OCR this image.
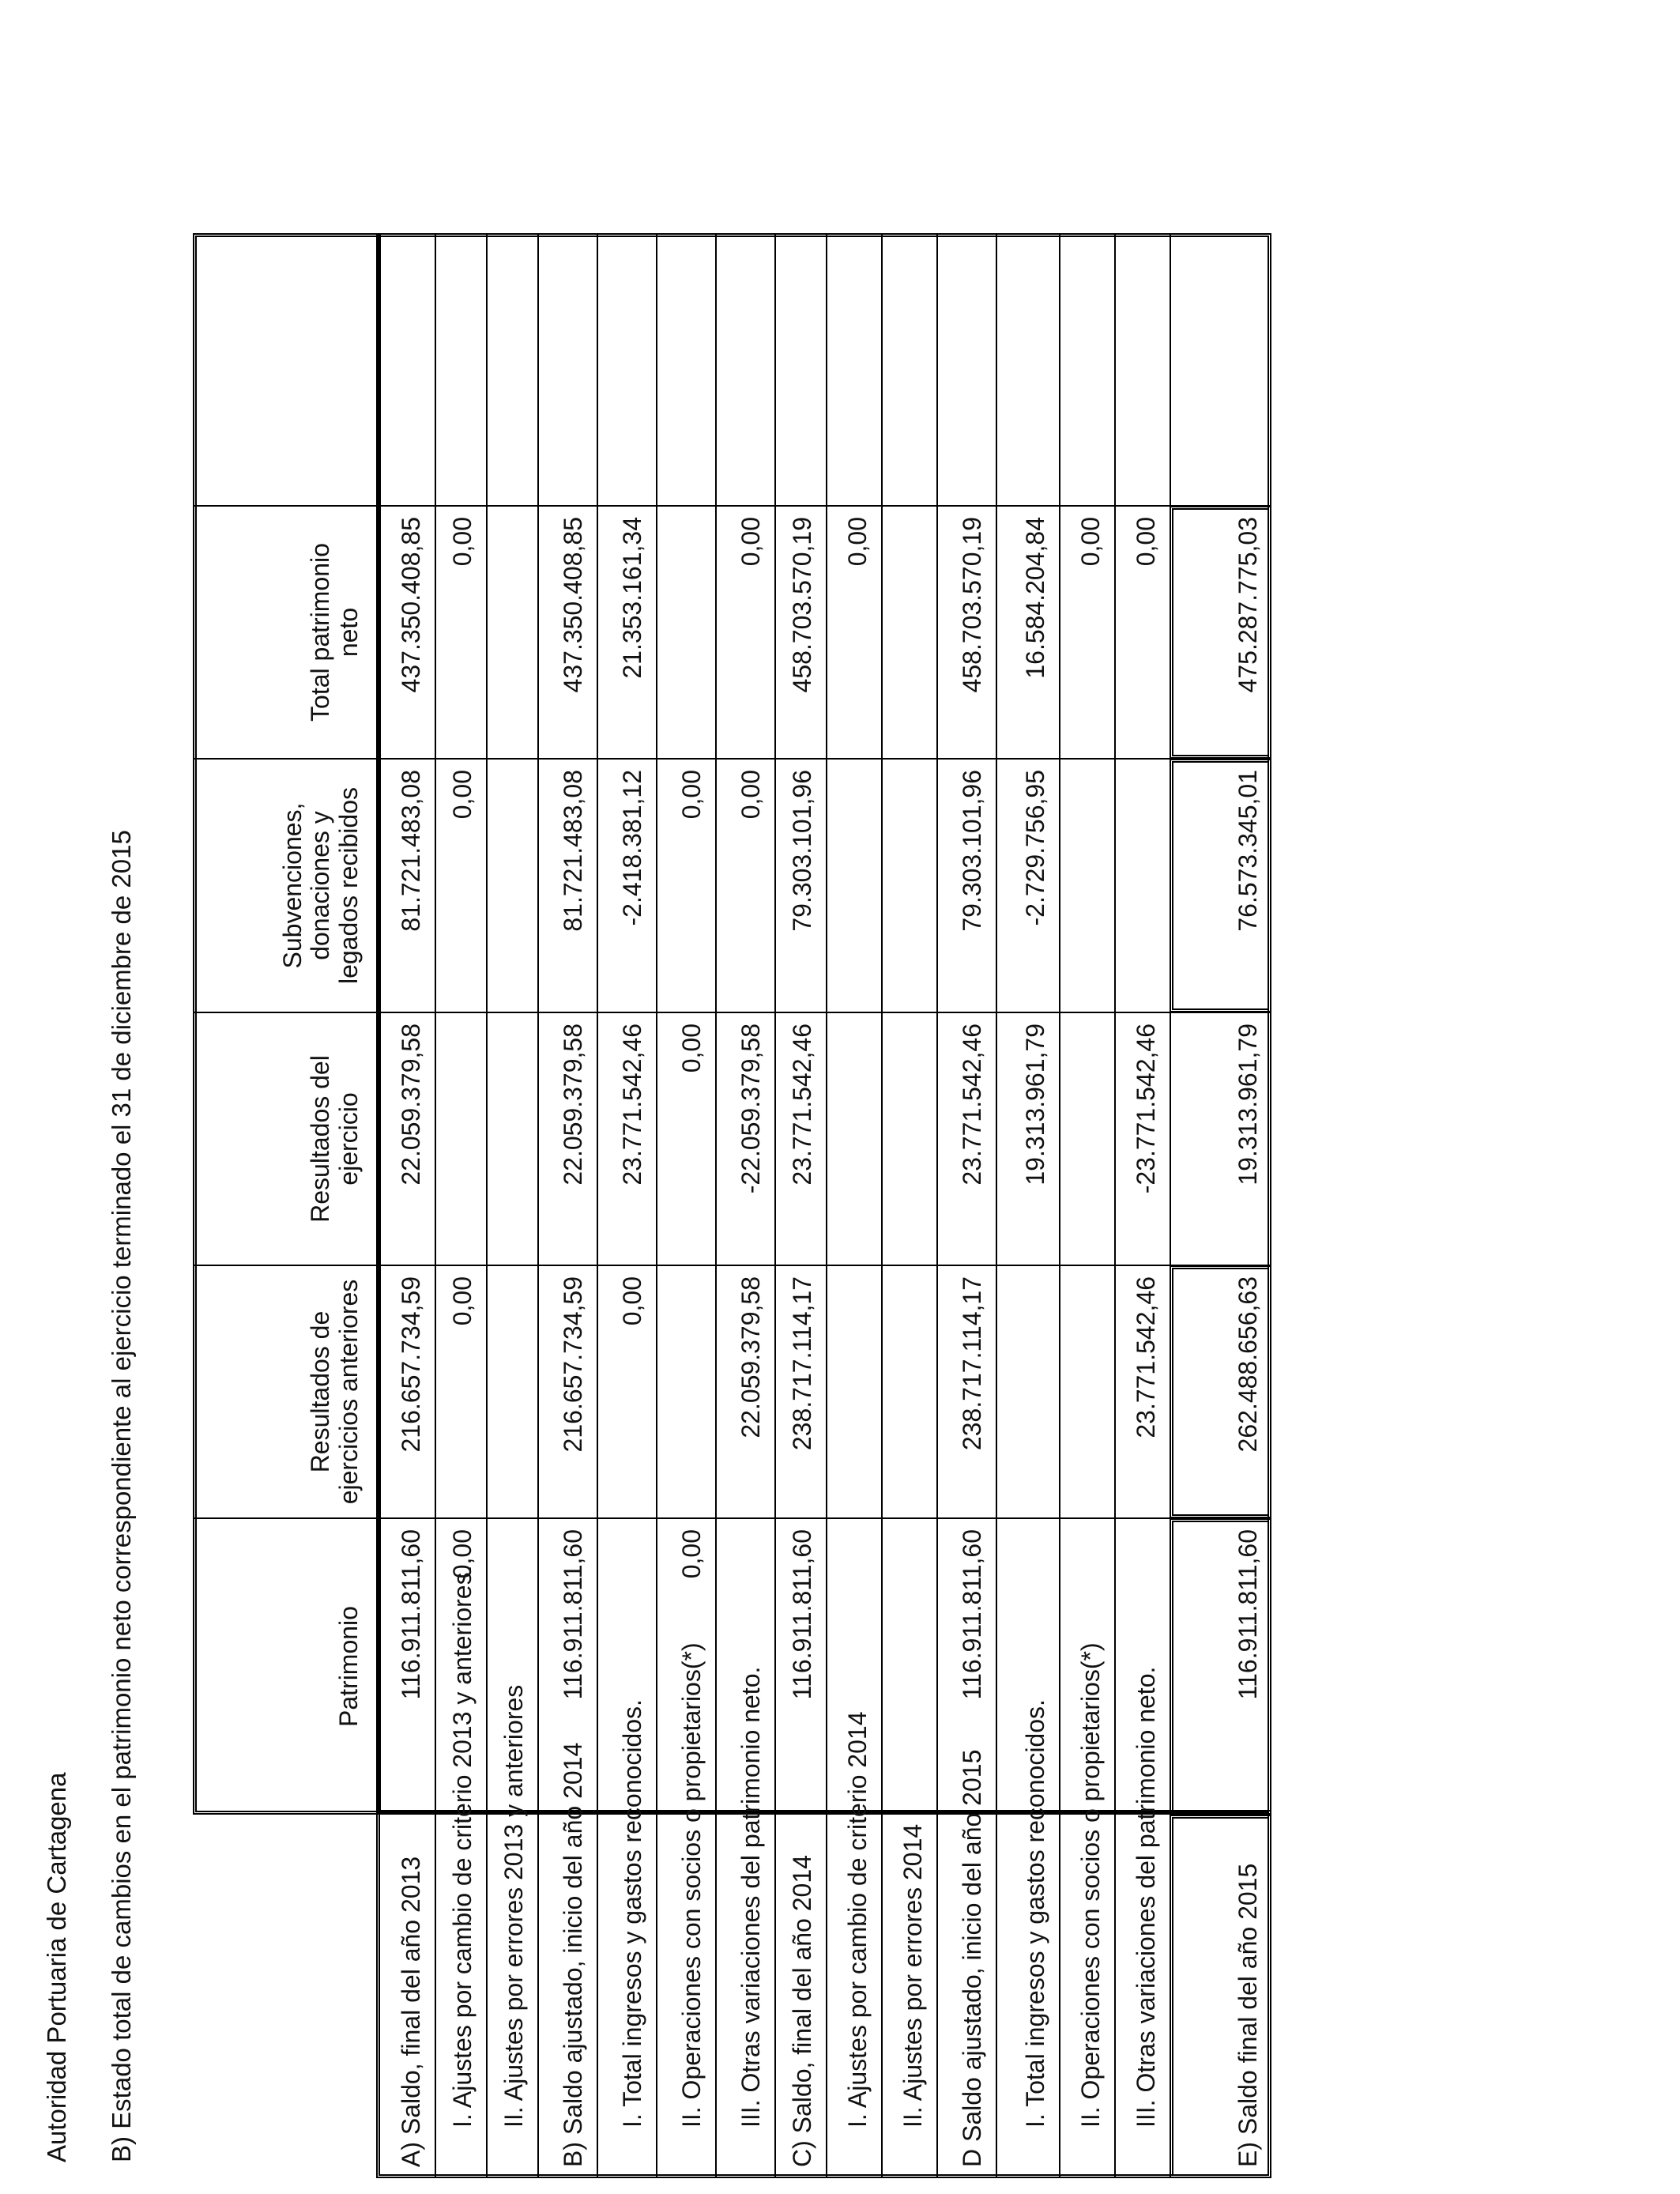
Autoridad Portuaria de Cartagena B) Estado total de cambios en el patrimonio neto correspondiente al ejercicio terminado el 31 de diciembre de 2015	Patrimonio
Resultados de ejercicios anteriores
Resultados del ejercicio
Subvenciones, donaciones y legados recibidos
Total patrimonio neto
A) Saldo, final del año 2013
116.911.811,60
216.657.734,59
22.059.379,58
81.721.483,08
437.350.408,85
I. Ajustes por cambio de criterio 2013 y anteriores.
0,00
0,00
0,00
0,00
II. Ajustes por errores 2013 y anteriores B) Saldo ajustado, inicio del año 2014
116.911.811,60
216.657.734,59
22.059.379,58
81.721.483,08
437.350.408,85
I. Total ingresos y gastos reconocidos.
0,00
23.771.542,46
-2.418.381,12
21.353.161,34
II. Operaciones con socios o propietarios(*)
0,00
0,00
0,00
III. Otras variaciones del patrimonio neto.
22.059.379,58
-22.059.379,58
0,00
0,00
C) Saldo, final del año 2014
116.911.811,60
238.717.114,17
23.771.542,46
79.303.101,96
458.703.570,19
I. Ajustes por cambio de criterio 2014
0,00
II. Ajustes por errores 2014 D Saldo ajustado, inicio del año 2015
116.911.811,60
238.717.114,17
23.771.542,46
79.303.101,96
458.703.570,19
I. Total ingresos y gastos reconocidos.
19.313.961,79
-2.729.756,95
16.584.204,84
II. Operaciones con socios o propietarios(*)
0,00
III. Otras variaciones del patrimonio neto.
23.771.542,46
-23.771.542,46
0,00
E) Saldo final del año 2015
116.911.811,60
262.488.656,63
19.313.961,79
76.573.345,01
475.287.775,03
